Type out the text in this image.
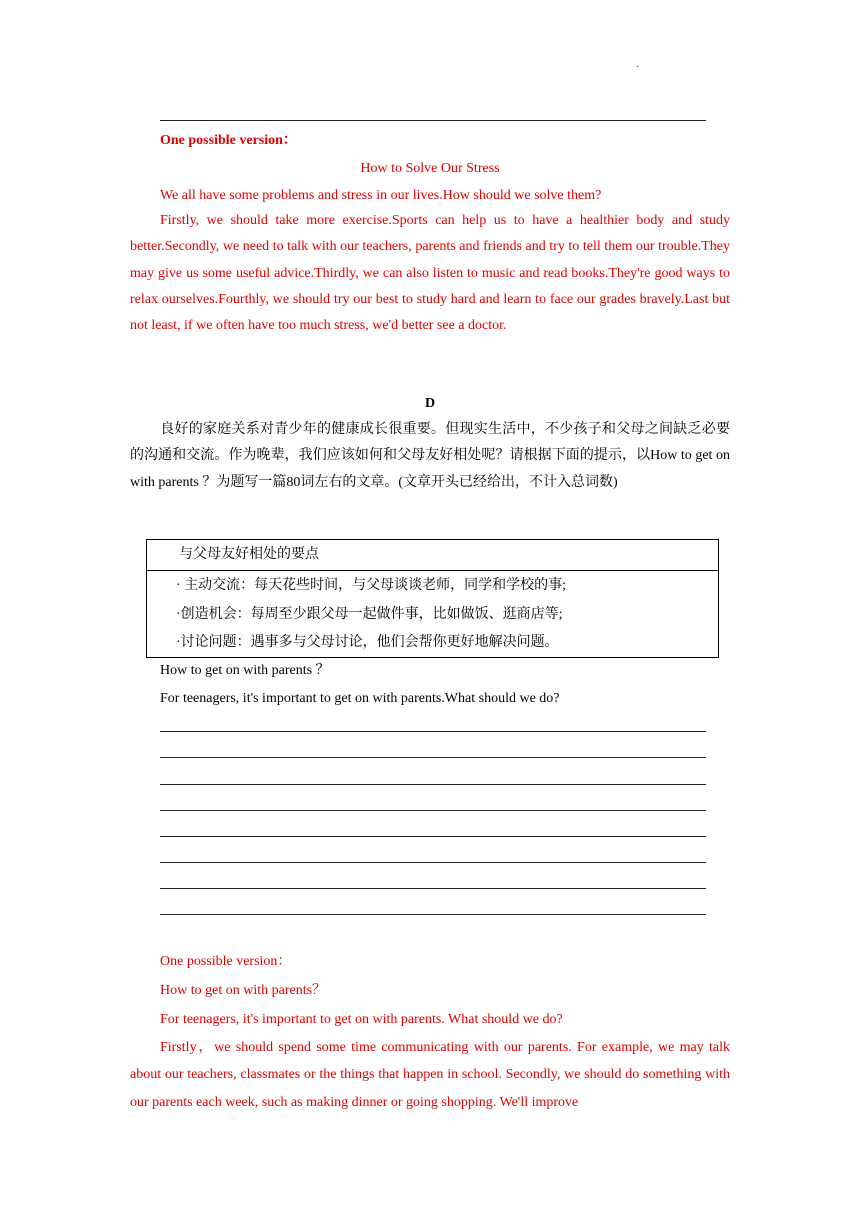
·
One possible version：
How to Solve Our Stress
We all have some problems and stress in our lives.How should we solve them?
Firstly, we should take more exercise.Sports can help us to have a healthier body and study better.Secondly, we need to talk with our teachers, parents and friends and try to tell them our trouble.They may give us some useful advice.Thirdly, we can also listen to music and read books.They're good ways to relax ourselves.Fourthly, we should try our best to study hard and learn to face our grades bravely.Last but not least, if we often have too much stress, we'd better see a doctor.
D
良好的家庭关系对青少年的健康成长很重要。但现实生活中，不少孩子和父母之间缺乏必要的沟通和交流。作为晚辈，我们应该如何和父母友好相处呢？请根据下面的提示，以How to get on with parents ？为题写一篇80词左右的文章。(文章开头已经给出，不计入总词数)
与父母友好相处的要点
· 主动交流：每天花些时间，与父母谈谈老师，同学和学校的事;
·创造机会：每周至少跟父母一起做件事，比如做饭、逛商店等;
·讨论问题：遇事多与父母讨论，他们会帮你更好地解决问题。
How to get on with parents ？
For teenagers, it's important to get on with parents.What should we do?
One possible version：
How to get on with parents？
For teenagers, it's important to get on with parents. What should we do?
Firstly，we should spend some time communicating with our parents. For example, we may talk about our teachers, classmates or the things that happen in school. Secondly, we should do something with our parents each week, such as making dinner or going shopping. We'll improve
